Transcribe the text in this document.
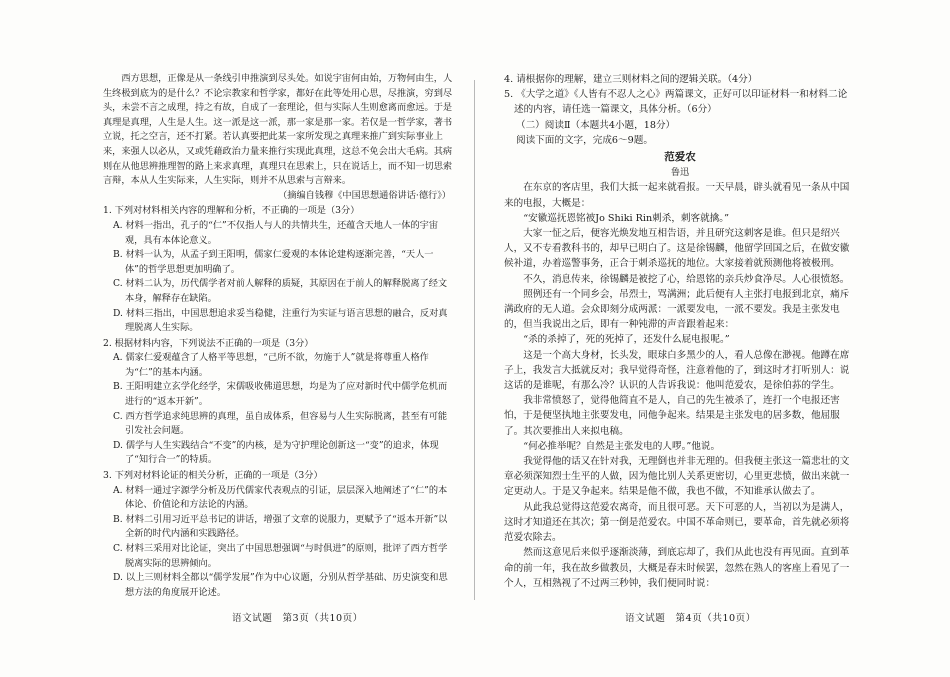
西方思想，正像是从一条线引申推演到尽头处。如说宇宙何由始，万物何由生，人生终极到底为的是什么？不论宗教家和哲学家，都好在此等处用心思，尽推演，穷到尽头，未尝不言之成理，持之有故，自成了一套理论，但与实际人生则愈离而愈远。于是真理是真理，人生是人生。这一派是这一派，那一家是那一家。若仅是一哲学家，著书立说，托之空言，还不打紧。若认真要把此某一家所发现之真理来推广到实际事业上来，来强人以必从，又或凭藉政治力量来推行实现此真理，这总不免会出大毛病。其病则在从他思辨推理智的路上来求真理，真理只在思索上，只在说话上，而不知一切思索言辩，本从人生实际来，人生实际，则并不从思索与言辩来。

（摘编自钱穆《中国思想通俗讲话·德行》）

1. 下列对材料相关内容的理解和分析，不正确的一项是（3分）

A. 材料一指出，孔子的“仁”不仅指人与人的共情共生，还蕴含天地人一体的宇宙观，具有本体论意义。

B. 材料一认为，从孟子到王阳明，儒家仁爱观的本体论建构逐渐完善，“天人一体”的哲学思想更加明确了。

C. 材料二认为，历代儒学者对前人解释的质疑，其原因在于前人的解释脱离了经文本身，解释存在缺陷。

D. 材料三指出，中国思想追求妥当稳健，注重行为实证与语言思想的融合，反对真理脱离人生实际。

2. 根据材料内容，下列说法不正确的一项是（3分）

A. 儒家仁爱观蕴含了人格平等思想，“己所不欲，勿施于人”就是将尊重人格作为“仁”的基本内涵。

B. 王阳明建立玄学化经学，宋儒吸收佛道思想，均是为了应对新时代中儒学危机而进行的“返本开新”。

C. 西方哲学追求纯思辨的真理，虽自成体系，但容易与人生实际脱离，甚至有可能引发社会问题。

D. 儒学与人生实践结合“不变”的内核，是为守护理论创新这一“变”的追求，体现了“知行合一”的特质。

3. 下列对材料论证的相关分析，正确的一项是（3分）

A. 材料一通过字源学分析及历代儒家代表观点的引证，层层深入地阐述了“仁”的本体论、价值论和方法论的内涵。

B. 材料二引用习近平总书记的讲话，增强了文章的说服力，更赋予了“返本开新”以全新的时代内涵和实践路径。

C. 材料三采用对比论证，突出了中国思想强调“与时俱进”的原则，批评了西方哲学脱离实际的思辨倾向。

D. 以上三则材料全都以“儒学发展”作为中心议题，分别从哲学基础、历史演变和思想方法的角度展开论述。

4. 请根据你的理解，建立三则材料之间的逻辑关联。（4分）

5. 《大学之道》《人皆有不忍人之心》两篇课文，正好可以印证材料一和材料二论述的内容，请任选一篇课文，具体分析。（6分）

（二）阅读Ⅱ（本题共4小题，18分）

阅读下面的文字，完成6～9题。

范爱农

鲁迅

在东京的客店里，我们大抵一起来就看报。一天早晨，辟头就看见一条从中国来的电报，大概是：

“安徽巡抚恩铭被Jo Shiki Rin刺杀，刺客就擒。”

大家一怔之后，便容光焕发地互相告语，并且研究这刺客是谁。但只是绍兴人，又不专看教科书的，却早已明白了。这是徐锡麟，他留学回国之后，在做安徽候补道，办着巡警事务，正合于刺杀巡抚的地位。大家接着就预测他将被极刑。

不久，消息传来，徐锡麟是被挖了心，给恩铭的亲兵炒食净尽。人心很愤怒。

照例还有一个同乡会，吊烈士，骂满洲；此后便有人主张打电报到北京，痛斥满政府的无人道。会众即刻分成两派：一派要发电，一派不要发。我是主张发电的，但当我说出之后，即有一种钝滞的声音跟着起来：

“杀的杀掉了，死的死掉了，还发什么屁电报呢。”

这是一个高大身材，长头发，眼球白多黑少的人，看人总像在渺视。他蹲在席子上，我发言大抵就反对；我早觉得奇怪，注意着他的了，到这时才打听别人：说这话的是谁呢，有那么冷？认识的人告诉我说：他叫范爱农，是徐伯荪的学生。

我非常愤怒了，觉得他简直不是人，自己的先生被杀了，连打一个电报还害怕，于是便坚执地主张要发电，同他争起来。结果是主张发电的居多数，他屈服了。其次要推出人来拟电稿。

“何必推举呢？自然是主张发电的人啰。”他说。

我觉得他的话又在针对我，无理倒也并非无理的。但我便主张这一篇悲壮的文章必须深知烈士生平的人做，因为他比别人关系更密切，心里更悲愤，做出来就一定更动人。于是又争起来。结果是他不做，我也不做，不知谁承认做去了。

从此我总觉得这范爱农离奇，而且很可恶。天下可恶的人，当初以为是满人，这时才知道还在其次；第一倒是范爱农。中国不革命则已，要革命，首先就必须将范爱农除去。

然而这意见后来似乎逐渐淡薄，到底忘却了，我们从此也没有再见面。直到革命的前一年，我在故乡做教员，大概是春末时候罢，忽然在熟人的客座上看见了一个人，互相熟视了不过两三秒钟，我们便同时说：

语文试题　第3页（共10页）	语文试题　第4页（共10页）
